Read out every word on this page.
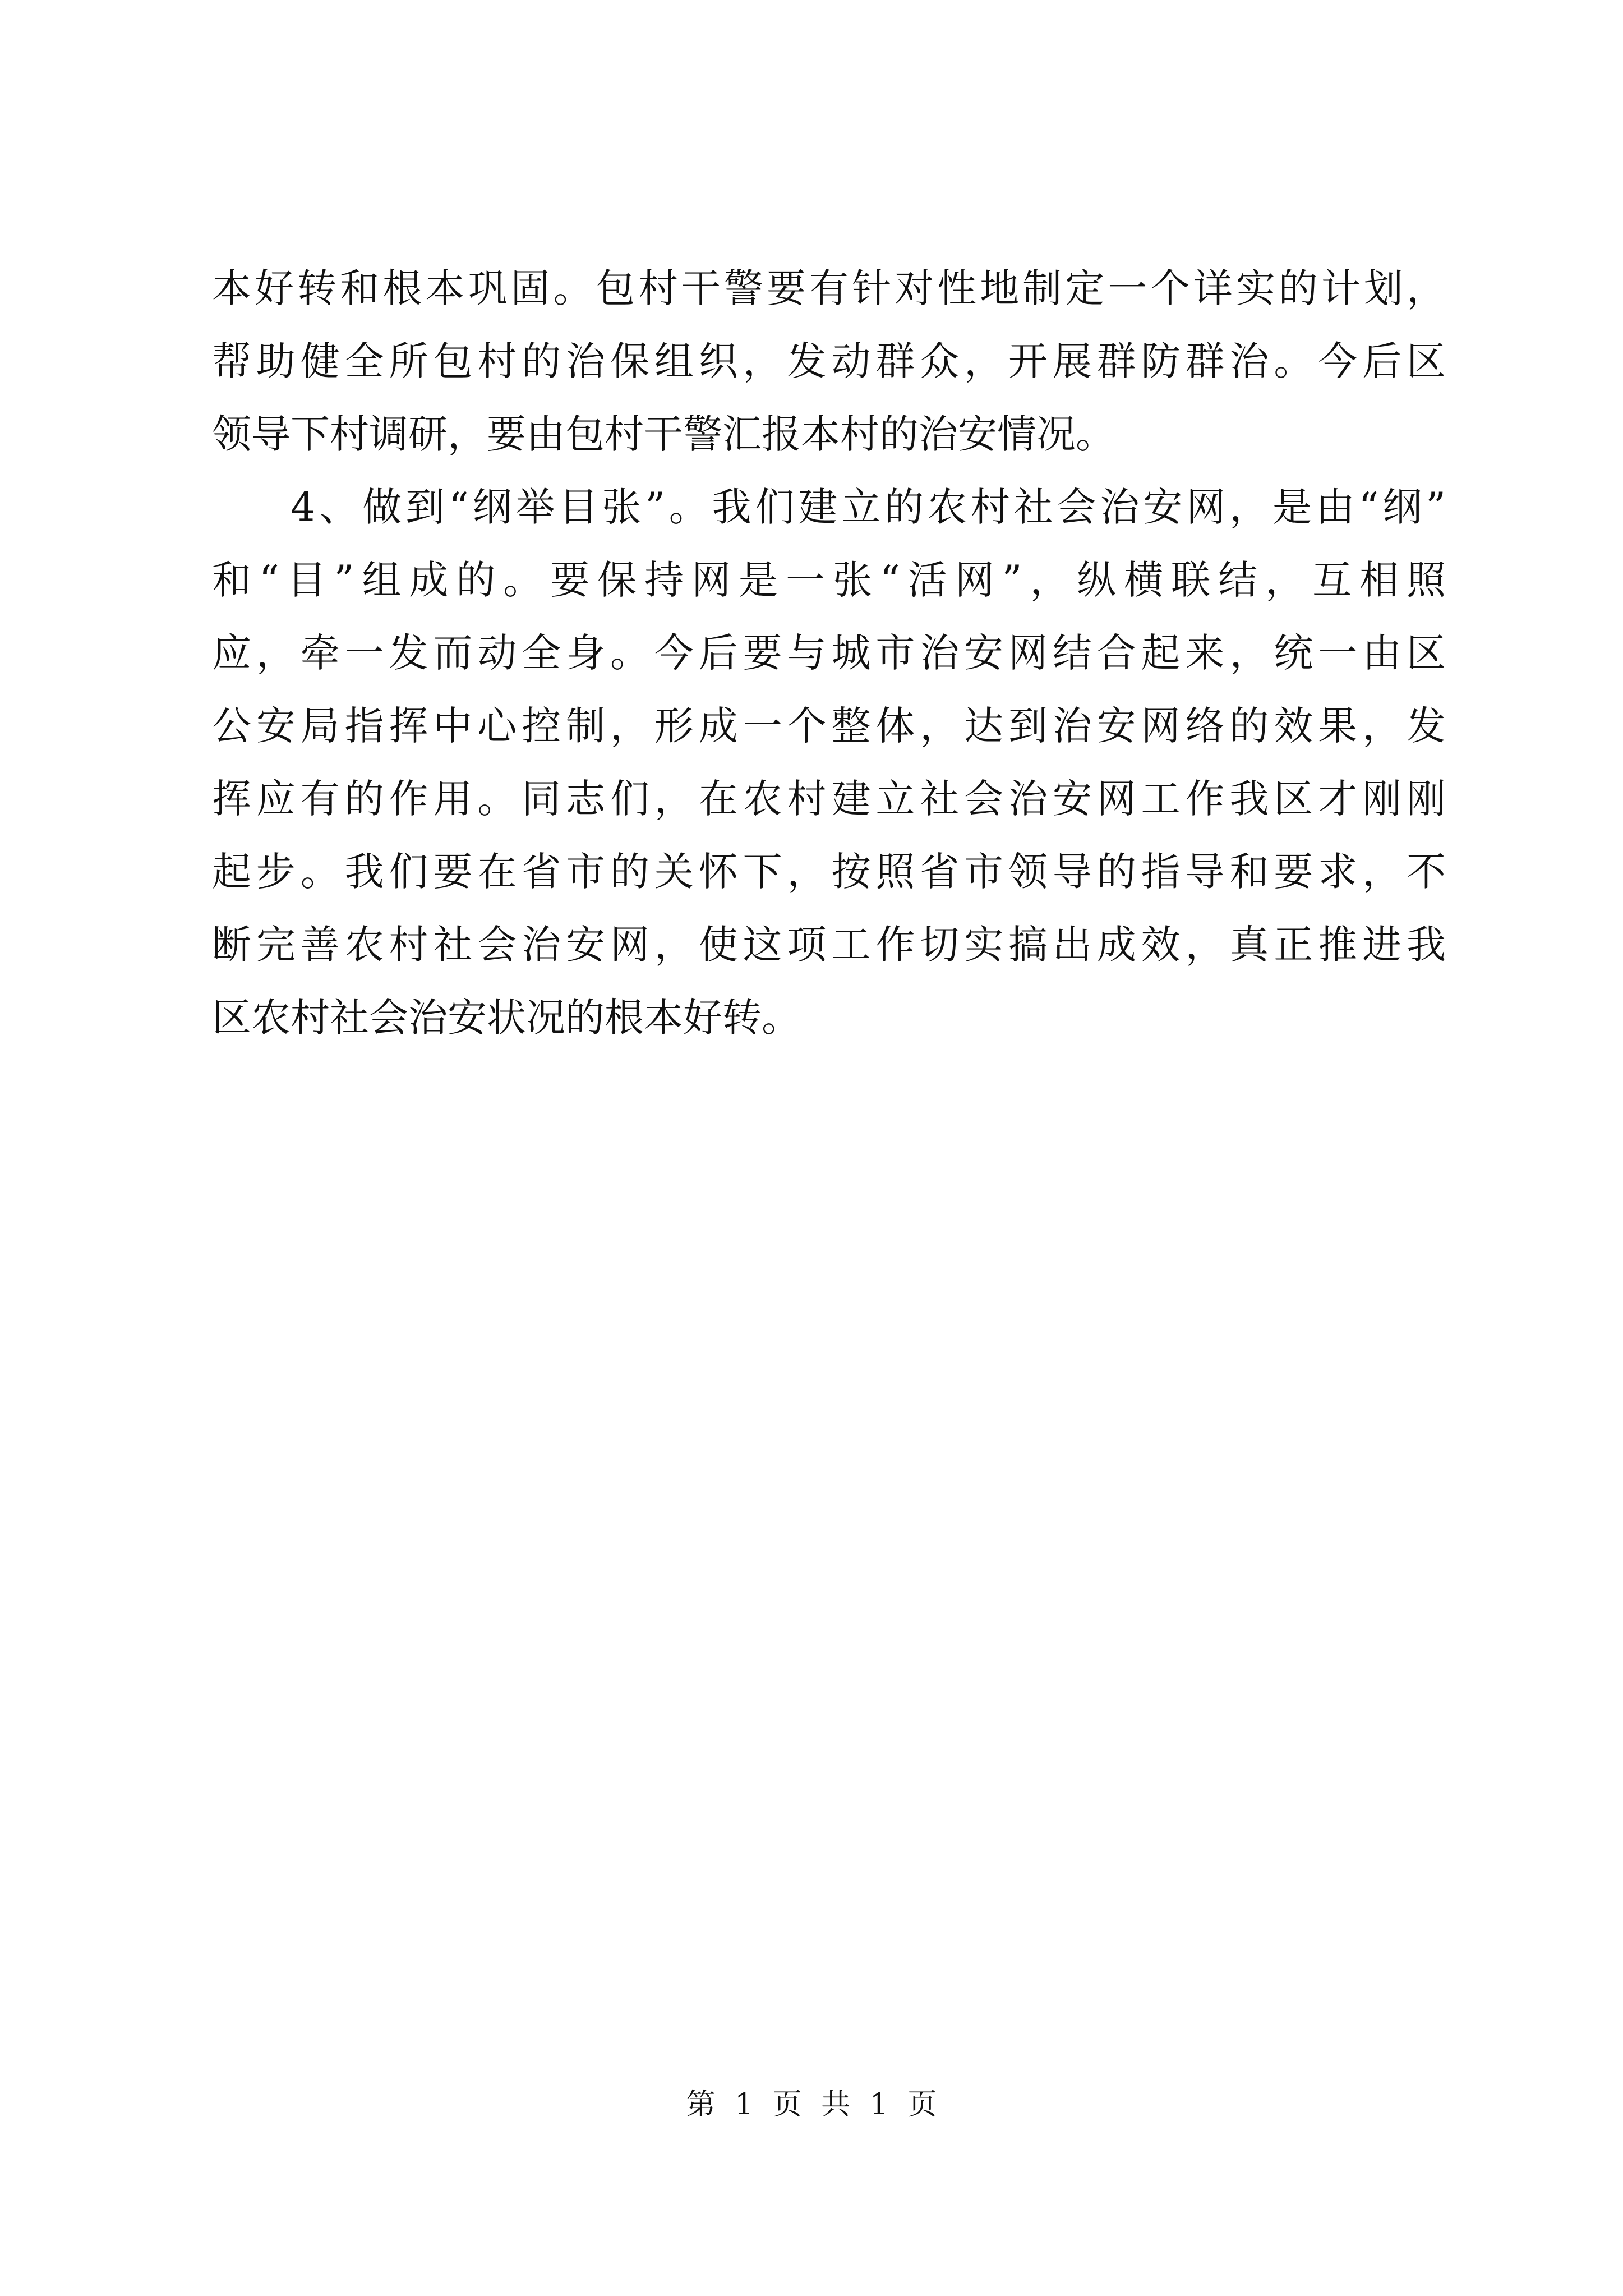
本好转和根本巩固。包村干警要有针对性地制定一个详实的计划，
帮助健全所包村的治保组织，发动群众，开展群防群治。今后区
领导下村调研，要由包村干警汇报本村的治安情况。
4、做到“纲举目张”。我们建立的农村社会治安网，是由“纲”
和“目”组成的。要保持网是一张“活网”，纵横联结，互相照
应，牵一发而动全身。今后要与城市治安网结合起来，统一由区
公安局指挥中心控制，形成一个整体，达到治安网络的效果，发
挥应有的作用。同志们，在农村建立社会治安网工作我区才刚刚
起步。我们要在省市的关怀下，按照省市领导的指导和要求，不
断完善农村社会治安网，使这项工作切实搞出成效，真正推进我
区农村社会治安状况的根本好转。
第 1 页 共 1 页
